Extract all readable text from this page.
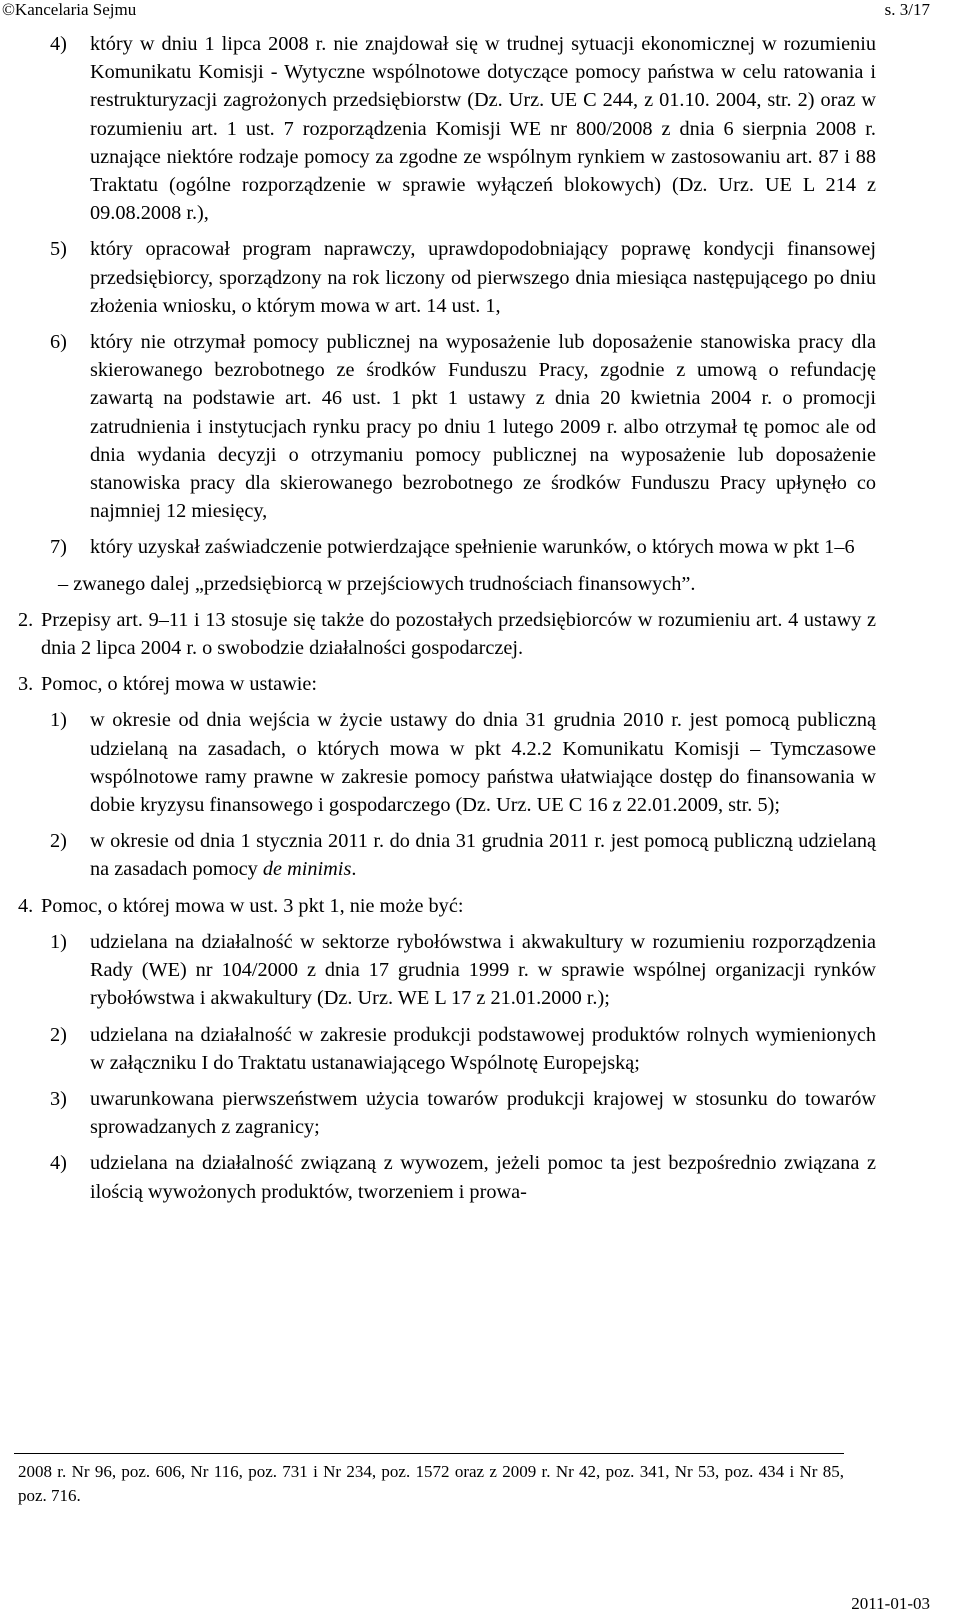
©Kancelaria Sejmu	s. 3/17
4) który w dniu 1 lipca 2008 r. nie znajdował się w trudnej sytuacji ekonomicznej w rozumieniu Komunikatu Komisji - Wytyczne wspólnotowe dotyczące pomocy państwa w celu ratowania i restrukturyzacji zagrożonych przedsiębiorstw (Dz. Urz. UE C 244, z 01.10. 2004, str. 2) oraz w rozumieniu art. 1 ust. 7 rozporządzenia Komisji WE nr 800/2008 z dnia 6 sierpnia 2008 r. uznające niektóre rodzaje pomocy za zgodne ze wspólnym rynkiem w zastosowaniu art. 87 i 88 Traktatu (ogólne rozporządzenie w sprawie wyłączeń blokowych) (Dz. Urz. UE L 214 z 09.08.2008 r.),
5) który opracował program naprawczy, uprawdopodobniający poprawę kondycji finansowej przedsiębiorcy, sporządzony na rok liczony od pierwszego dnia miesiąca następującego po dniu złożenia wniosku, o którym mowa w art. 14 ust. 1,
6) który nie otrzymał pomocy publicznej na wyposażenie lub doposażenie stanowiska pracy dla skierowanego bezrobotnego ze środków Funduszu Pracy, zgodnie z umową o refundację zawartą na podstawie art. 46 ust. 1 pkt 1 ustawy z dnia 20 kwietnia 2004 r. o promocji zatrudnienia i instytucjach rynku pracy po dniu 1 lutego 2009 r. albo otrzymał tę pomoc ale od dnia wydania decyzji o otrzymaniu pomocy publicznej na wyposażenie lub doposażenie stanowiska pracy dla skierowanego bezrobotnego ze środków Funduszu Pracy upłynęło co najmniej 12 miesięcy,
7) który uzyskał zaświadczenie potwierdzające spełnienie warunków, o których mowa w pkt 1–6
– zwanego dalej „przedsiębiorcą w przejściowych trudnościach finansowych”.
2. Przepisy art. 9–11 i 13 stosuje się także do pozostałych przedsiębiorców w rozumieniu art. 4 ustawy z dnia 2 lipca 2004 r. o swobodzie działalności gospodarczej.
3. Pomoc, o której mowa w ustawie:
1) w okresie od dnia wejścia w życie ustawy do dnia 31 grudnia 2010 r. jest pomocą publiczną udzielaną na zasadach, o których mowa w pkt 4.2.2 Komunikatu Komisji – Tymczasowe wspólnotowe ramy prawne w zakresie pomocy państwa ułatwiające dostęp do finansowania w dobie kryzysu finansowego i gospodarczego (Dz. Urz. UE C 16 z 22.01.2009, str. 5);
2) w okresie od dnia 1 stycznia 2011 r. do dnia 31 grudnia 2011 r. jest pomocą publiczną udzielaną na zasadach pomocy de minimis.
4. Pomoc, o której mowa w ust. 3 pkt 1, nie może być:
1) udzielana na działalność w sektorze rybołówstwa i akwakultury w rozumieniu rozporządzenia Rady (WE) nr 104/2000 z dnia 17 grudnia 1999 r. w sprawie wspólnej organizacji rynków rybołówstwa i akwakultury (Dz. Urz. WE L 17 z 21.01.2000 r.);
2) udzielana na działalność w zakresie produkcji podstawowej produktów rolnych wymienionych w załączniku I do Traktatu ustanawiającego Wspólnotę Europejską;
3) uwarunkowana pierwszeństwem użycia towarów produkcji krajowej w stosunku do towarów sprowadzanych z zagranicy;
4) udzielana na działalność związaną z wywozem, jeżeli pomoc ta jest bezpośrednio związana z ilością wywożonych produktów, tworzeniem i prowa-
2008 r. Nr 96, poz. 606, Nr 116, poz. 731 i Nr 234, poz. 1572 oraz z 2009 r. Nr 42, poz. 341, Nr 53, poz. 434 i Nr 85, poz. 716.
2011-01-03
